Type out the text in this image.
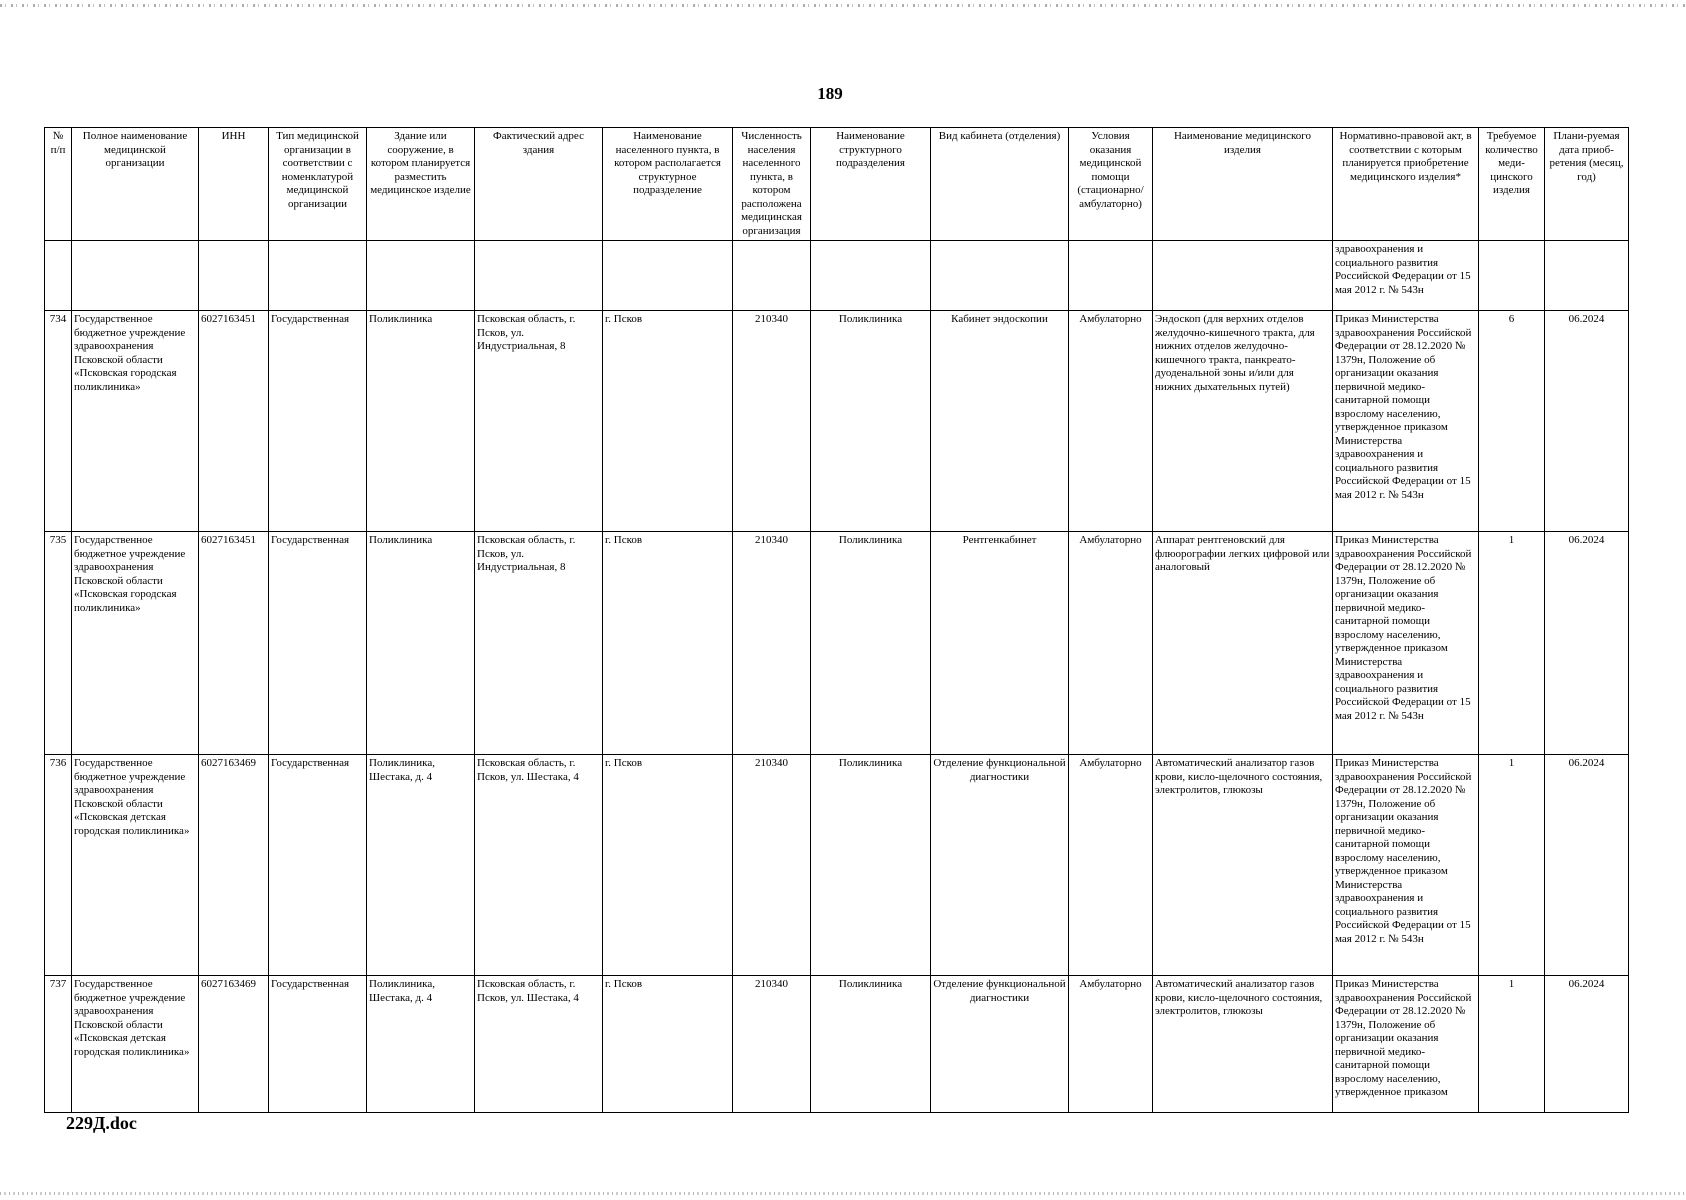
189
№ п/п	Полное наименование медицинской организации	ИНН	Тип медицинской организации в соответствии с номенклатурой медицинской организации	Здание или сооружение, в котором планируется разместить медицинское изделие	Фактический адрес здания	Наименование населенного пункта, в котором располагается структурное подразделение	Численность населения населенного пункта, в котором расположена медицинская организация	Наименование структурного подразделения	Вид кабинета (отделения)	Условия оказания медицинской помощи (стационарно/ амбулаторно)	Наименование медицинского изделия	Нормативно-правовой акт, в соответствии с которым планируется приобретение медицинского изделия*	Требуемое количество меди-цинского изделия	Плани-руемая дата приоб-ретения (месяц, год)
												здравоохранения и социального развития Российской Федерации от 15 мая 2012 г. № 543н		
734	Государственное бюджетное учреждение здравоохранения Псковской области «Псковская городская поликлиника»	6027163451	Государственная	Поликлиника	Псковская область, г. Псков, ул. Индустриальная, 8	г. Псков	210340	Поликлиника	Кабинет эндоскопии	Амбулаторно	Эндоскоп (для верхних отделов желудочно-кишечного тракта, для нижних отделов желудочно-кишечного тракта, панкреато-дуоденальной зоны и/или для нижних дыхательных путей)	Приказ Министерства здравоохранения Российской Федерации от 28.12.2020 № 1379н, Положение об организации оказания первичной медико-санитарной помощи взрослому населению, утвержденное приказом Министерства здравоохранения и социального развития Российской Федерации от 15 мая 2012 г. № 543н	6	06.2024
735	Государственное бюджетное учреждение здравоохранения Псковской области «Псковская городская поликлиника»	6027163451	Государственная	Поликлиника	Псковская область, г. Псков, ул. Индустриальная, 8	г. Псков	210340	Поликлиника	Рентгенкабинет	Амбулаторно	Аппарат рентгеновский для флюорографии легких цифровой или аналоговый	Приказ Министерства здравоохранения Российской Федерации от 28.12.2020 № 1379н, Положение об организации оказания первичной медико-санитарной помощи взрослому населению, утвержденное приказом Министерства здравоохранения и социального развития Российской Федерации от 15 мая 2012 г. № 543н	1	06.2024
736	Государственное бюджетное учреждение здравоохранения Псковской области «Псковская детская городская поликлиника»	6027163469	Государственная	Поликлиника, Шестака, д. 4	Псковская область, г. Псков, ул. Шестака, 4	г. Псков	210340	Поликлиника	Отделение функциональной диагностики	Амбулаторно	Автоматический анализатор газов крови, кисло-щелочного состояния, электролитов, глюкозы	Приказ Министерства здравоохранения Российской Федерации от 28.12.2020 № 1379н, Положение об организации оказания первичной медико-санитарной помощи взрослому населению, утвержденное приказом Министерства здравоохранения и социального развития Российской Федерации от 15 мая 2012 г. № 543н	1	06.2024
737	Государственное бюджетное учреждение здравоохранения Псковской области «Псковская детская городская поликлиника»	6027163469	Государственная	Поликлиника, Шестака, д. 4	Псковская область, г. Псков, ул. Шестака, 4	г. Псков	210340	Поликлиника	Отделение функциональной диагностики	Амбулаторно	Автоматический анализатор газов крови, кисло-щелочного состояния, электролитов, глюкозы	Приказ Министерства здравоохранения Российской Федерации от 28.12.2020 № 1379н, Положение об организации оказания первичной медико-санитарной помощи взрослому населению, утвержденное приказом	1	06.2024
229Д.doc
